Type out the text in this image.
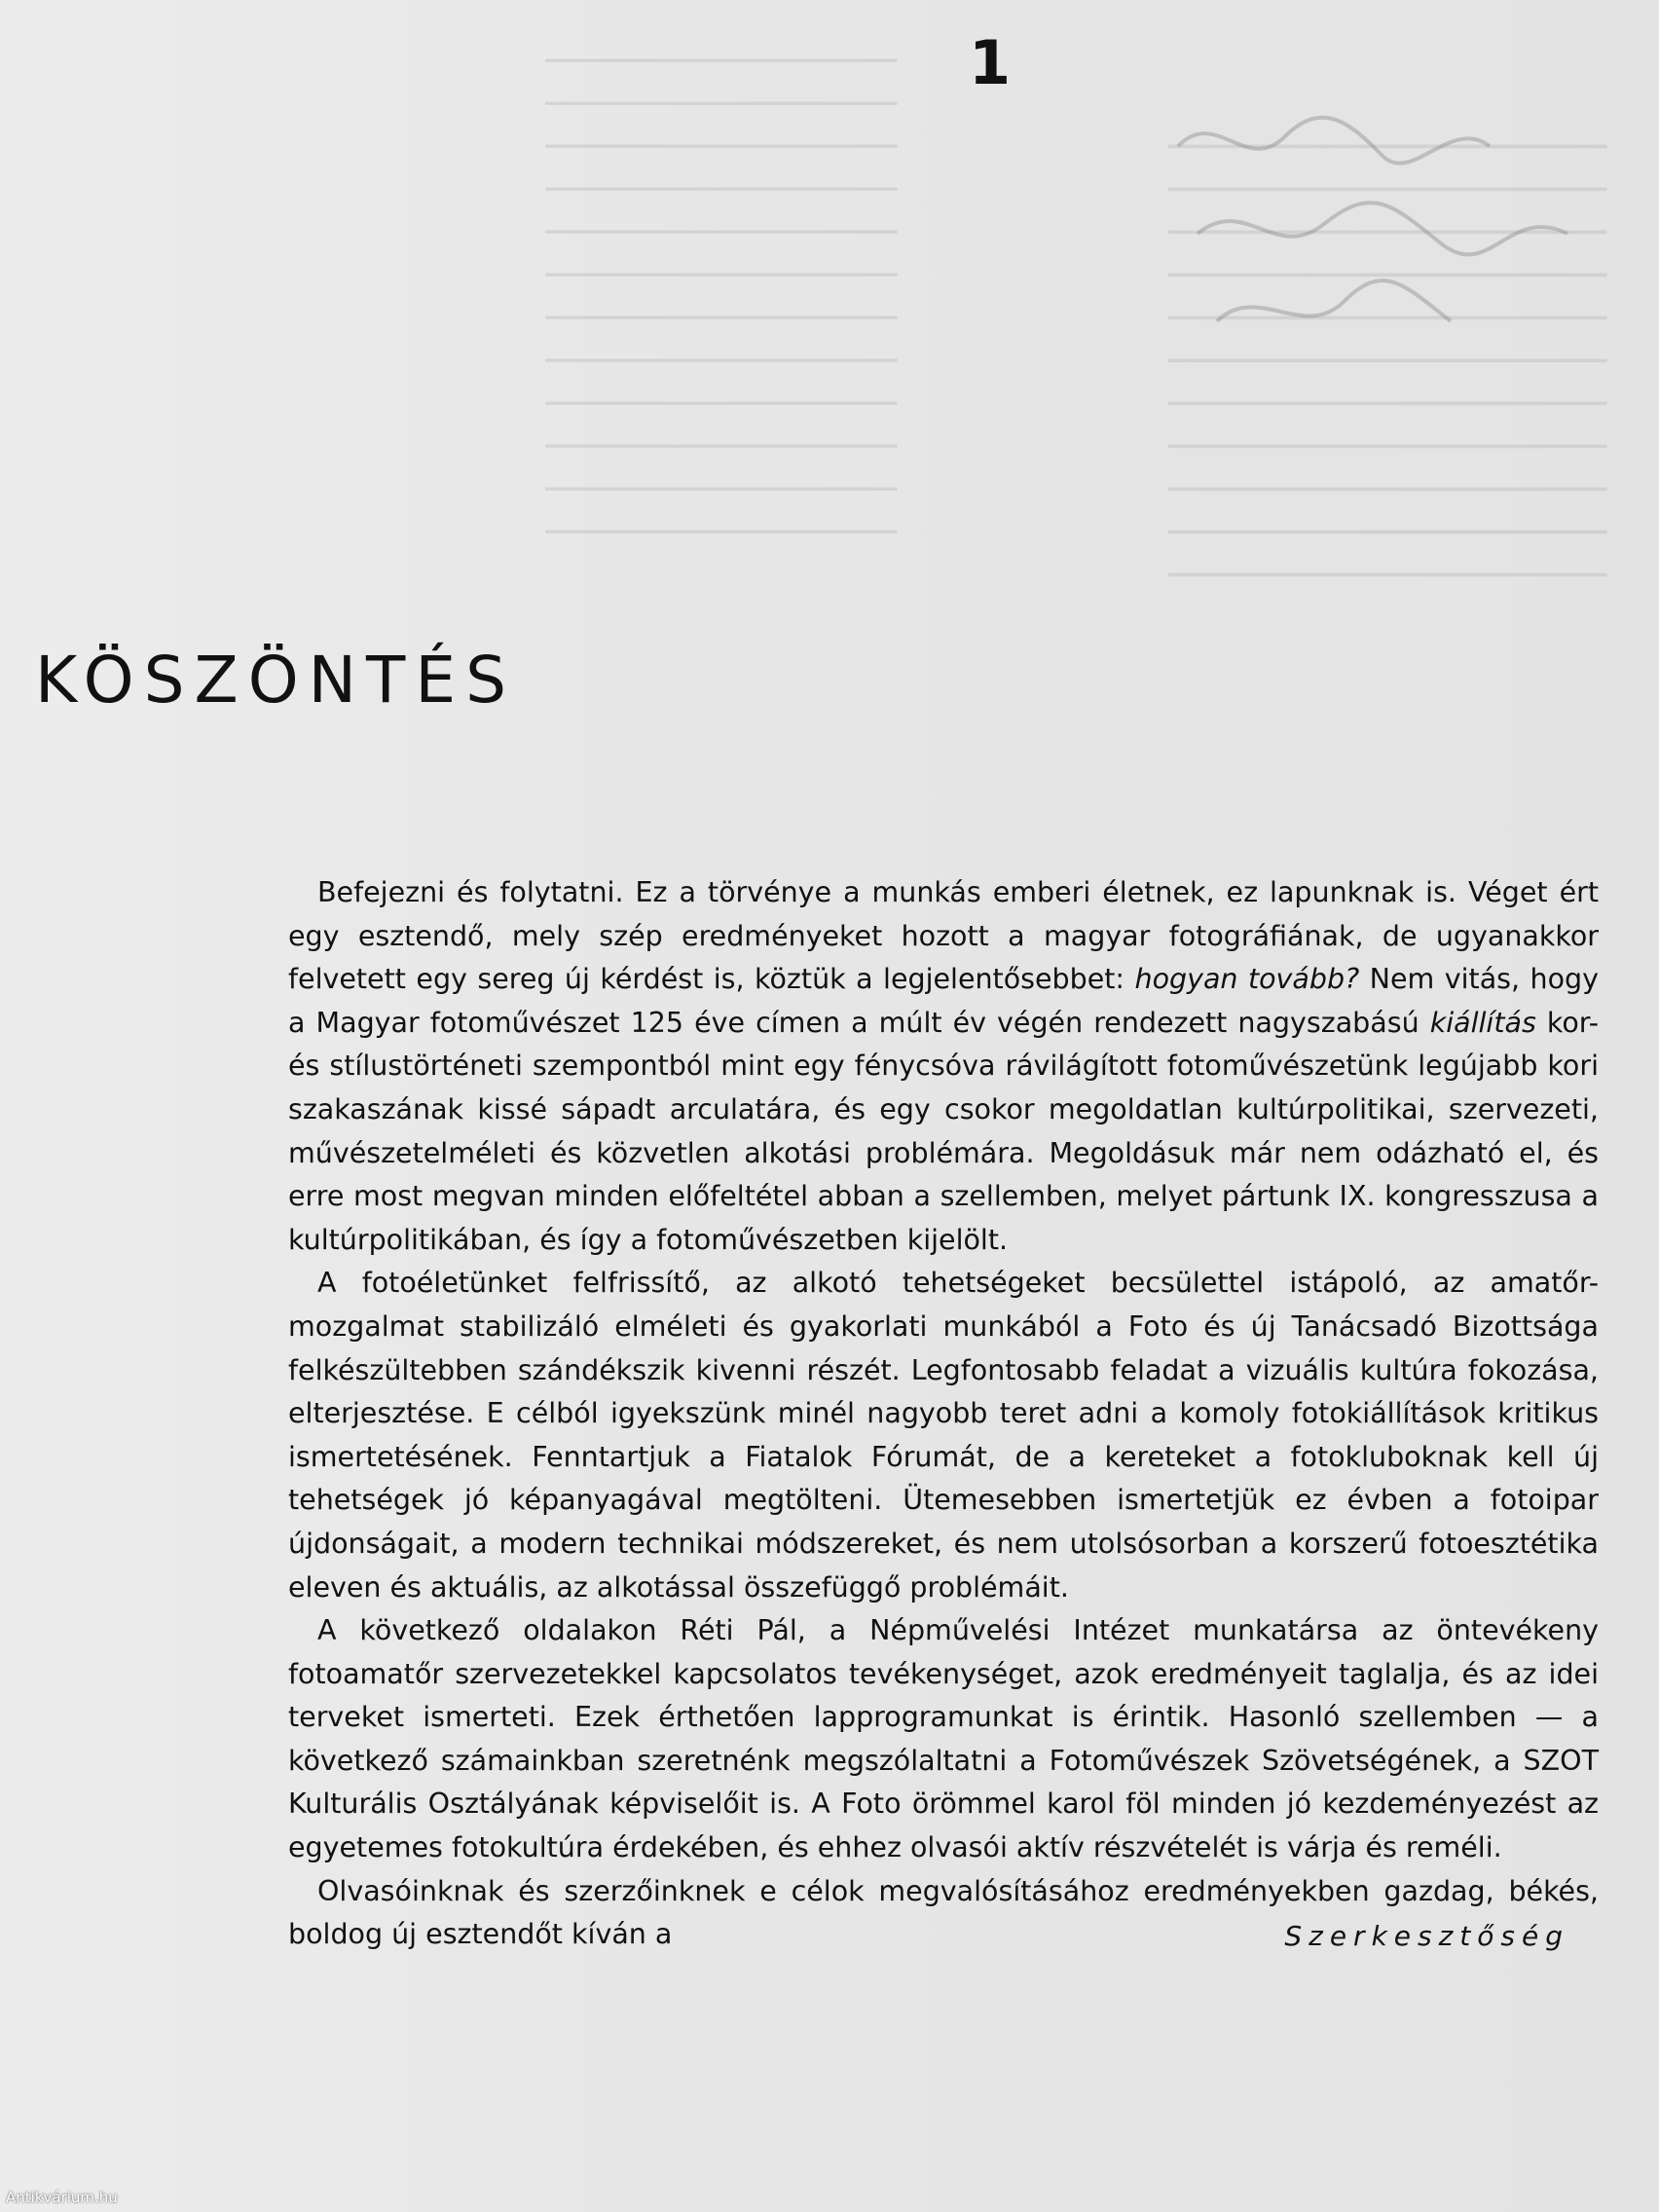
━━━━━━━━━━━━━━━━━━━━━━━━━━━━━━
━━━━━━━━━━━━━━━━━━━━━━━━━━━━━━
━━━━━━━━━━━━━━━━━━━━━━━━━━━━━━
━━━━━━━━━━━━━━━━━━━━━━━━━━━━━━
━━━━━━━━━━━━━━━━━━━━━━━━━━━━━━
━━━━━━━━━━━━━━━━━━━━━━━━━━━━━━
━━━━━━━━━━━━━━━━━━━━━━━━━━━━━━
━━━━━━━━━━━━━━━━━━━━━━━━━━━━━━
━━━━━━━━━━━━━━━━━━━━━━━━━━━━━━
━━━━━━━━━━━━━━━━━━━━━━━━━━━━━━
━━━━━━━━━━━━━━━━━━━━━━━━━━━━━━
━━━━━━━━━━━━━━━━━━━━━━━━━━━━━━
━━━━━━━━━━━━━━━━━━━━━━━━━━━━━━━━━━
━━━━━━━━━━━━━━━━━━━━━━━━━━━━━━━━━━
━━━━━━━━━━━━━━━━━━━━━━━━━━━━━━━━━━
━━━━━━━━━━━━━━━━━━━━━━━━━━━━━━━━━━
━━━━━━━━━━━━━━━━━━━━━━━━━━━━━━━━━━
━━━━━━━━━━━━━━━━━━━━━━━━━━━━━━━━━━
━━━━━━━━━━━━━━━━━━━━━━━━━━━━━━━━━━
━━━━━━━━━━━━━━━━━━━━━━━━━━━━━━━━━━
━━━━━━━━━━━━━━━━━━━━━━━━━━━━━━━━━━
━━━━━━━━━━━━━━━━━━━━━━━━━━━━━━━━━━
━━━━━━━━━━━━━━━━━━━━━━━━━━━━━━━━━━
1
KÖSZÖNTÉS

Befejezni és folytatni. Ez a törvénye a munkás emberi életnek, ez lapunknak is. Véget ért egy esztendő, mely szép eredményeket hozott a magyar fotográfiának, de ugyanakkor felvetett egy sereg új kérdést is, köztük a legjelentősebbet: hogyan tovább? Nem vitás, hogy a Magyar fotoművészet 125 éve címen a múlt év végén rendezett nagyszabású kiállítás kor- és stílustörténeti szempontból mint egy fénycsóva rávilágított fotoművészetünk legújabb kori szakaszának kissé sápadt arculatára, és egy csokor megoldatlan kultúrpolitikai, szervezeti, művészetelméleti és közvetlen alkotási problémára. Megoldásuk már nem odázható el, és erre most megvan minden előfeltétel abban a szellemben, melyet pártunk IX. kongresszusa a kultúrpolitikában, és így a fotoművészetben kijelölt.

A fotoéletünket felfrissítő, az alkotó tehetségeket becsülettel istápoló, az amatőr-mozgalmat stabilizáló elméleti és gyakorlati munkából a Foto és új Tanácsadó Bizottsága felkészültebben szándékszik kivenni részét. Legfontosabb feladat a vizuális kultúra fokozása, elterjesztése. E célból igyekszünk minél nagyobb teret adni a komoly fotokiállítások kritikus ismertetésének. Fenntartjuk a Fiatalok Fórumát, de a kereteket a fotokluboknak kell új tehetségek jó képanyagával megtölteni. Ütemesebben ismertetjük ez évben a fotoipar újdonságait, a modern technikai módszereket, és nem utolsósorban a korszerű fotoesztétika eleven és aktuális, az alkotással összefüggő problémáit.

A következő oldalakon Réti Pál, a Népművelési Intézet munkatársa az öntevékeny fotoamatőr szervezetekkel kapcsolatos tevékenységet, azok eredményeit taglalja, és az idei terveket ismerteti. Ezek érthetően lapprogramunkat is érintik. Hasonló szellemben — a következő számainkban szeretnénk megszólaltatni a Fotoművészek Szövetségének, a SZOT Kulturális Osztályának képviselőit is. A Foto örömmel karol föl minden jó kezdeményezést az egyetemes fotokultúra érdekében, és ehhez olvasói aktív részvételét is várja és reméli.

Olvasóinknak és szerzőinknek e célok megvalósításához eredményekben gazdag, békés, boldog új esztendőt kíván a	Szerkesztőség
Antikvárium.hu
